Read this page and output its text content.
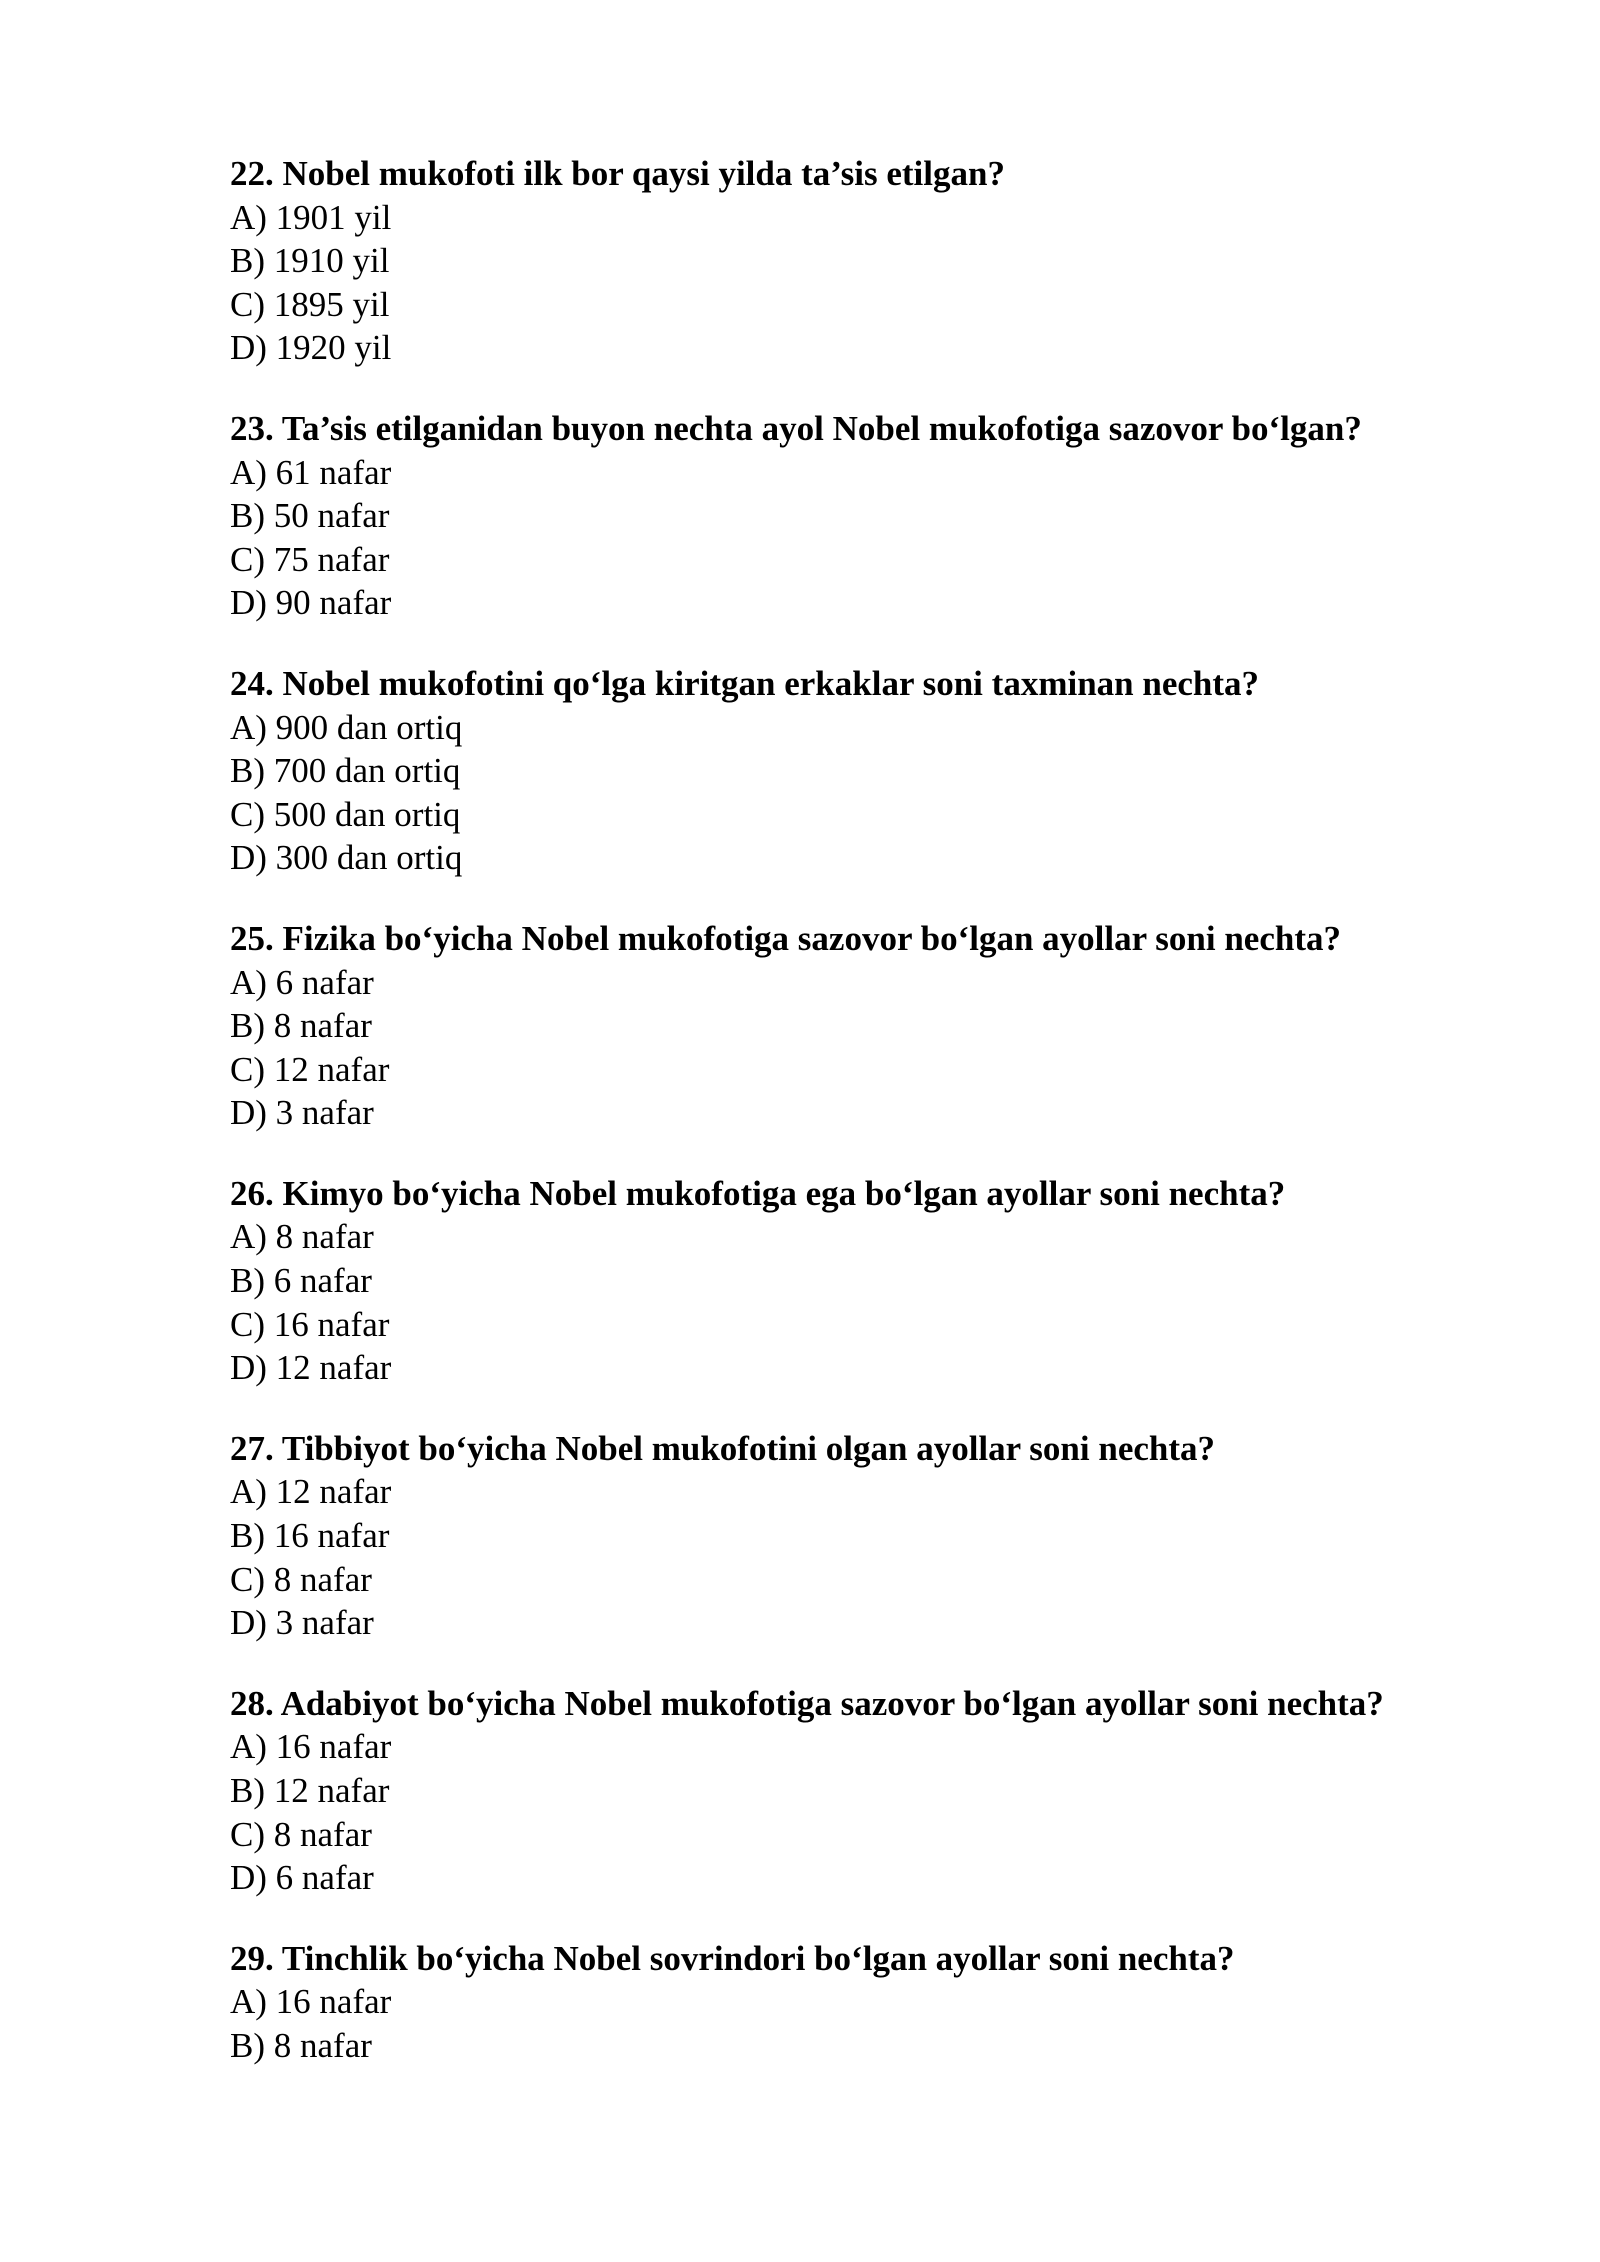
22. Nobel mukofoti ilk bor qaysi yilda ta’sis etilgan?
A) 1901 yil
B) 1910 yil
C) 1895 yil
D) 1920 yil
23. Ta’sis etilganidan buyon nechta ayol Nobel mukofotiga sazovor bo‘lgan?
A) 61 nafar
B) 50 nafar
C) 75 nafar
D) 90 nafar
24. Nobel mukofotini qo‘lga kiritgan erkaklar soni taxminan nechta?
A) 900 dan ortiq
B) 700 dan ortiq
C) 500 dan ortiq
D) 300 dan ortiq
25. Fizika bo‘yicha Nobel mukofotiga sazovor bo‘lgan ayollar soni nechta?
A) 6 nafar
B) 8 nafar
C) 12 nafar
D) 3 nafar
26. Kimyo bo‘yicha Nobel mukofotiga ega bo‘lgan ayollar soni nechta?
A) 8 nafar
B) 6 nafar
C) 16 nafar
D) 12 nafar
27. Tibbiyot bo‘yicha Nobel mukofotini olgan ayollar soni nechta?
A) 12 nafar
B) 16 nafar
C) 8 nafar
D) 3 nafar
28. Adabiyot bo‘yicha Nobel mukofotiga sazovor bo‘lgan ayollar soni nechta?
A) 16 nafar
B) 12 nafar
C) 8 nafar
D) 6 nafar
29. Tinchlik bo‘yicha Nobel sovrindori bo‘lgan ayollar soni nechta?
A) 16 nafar
B) 8 nafar
